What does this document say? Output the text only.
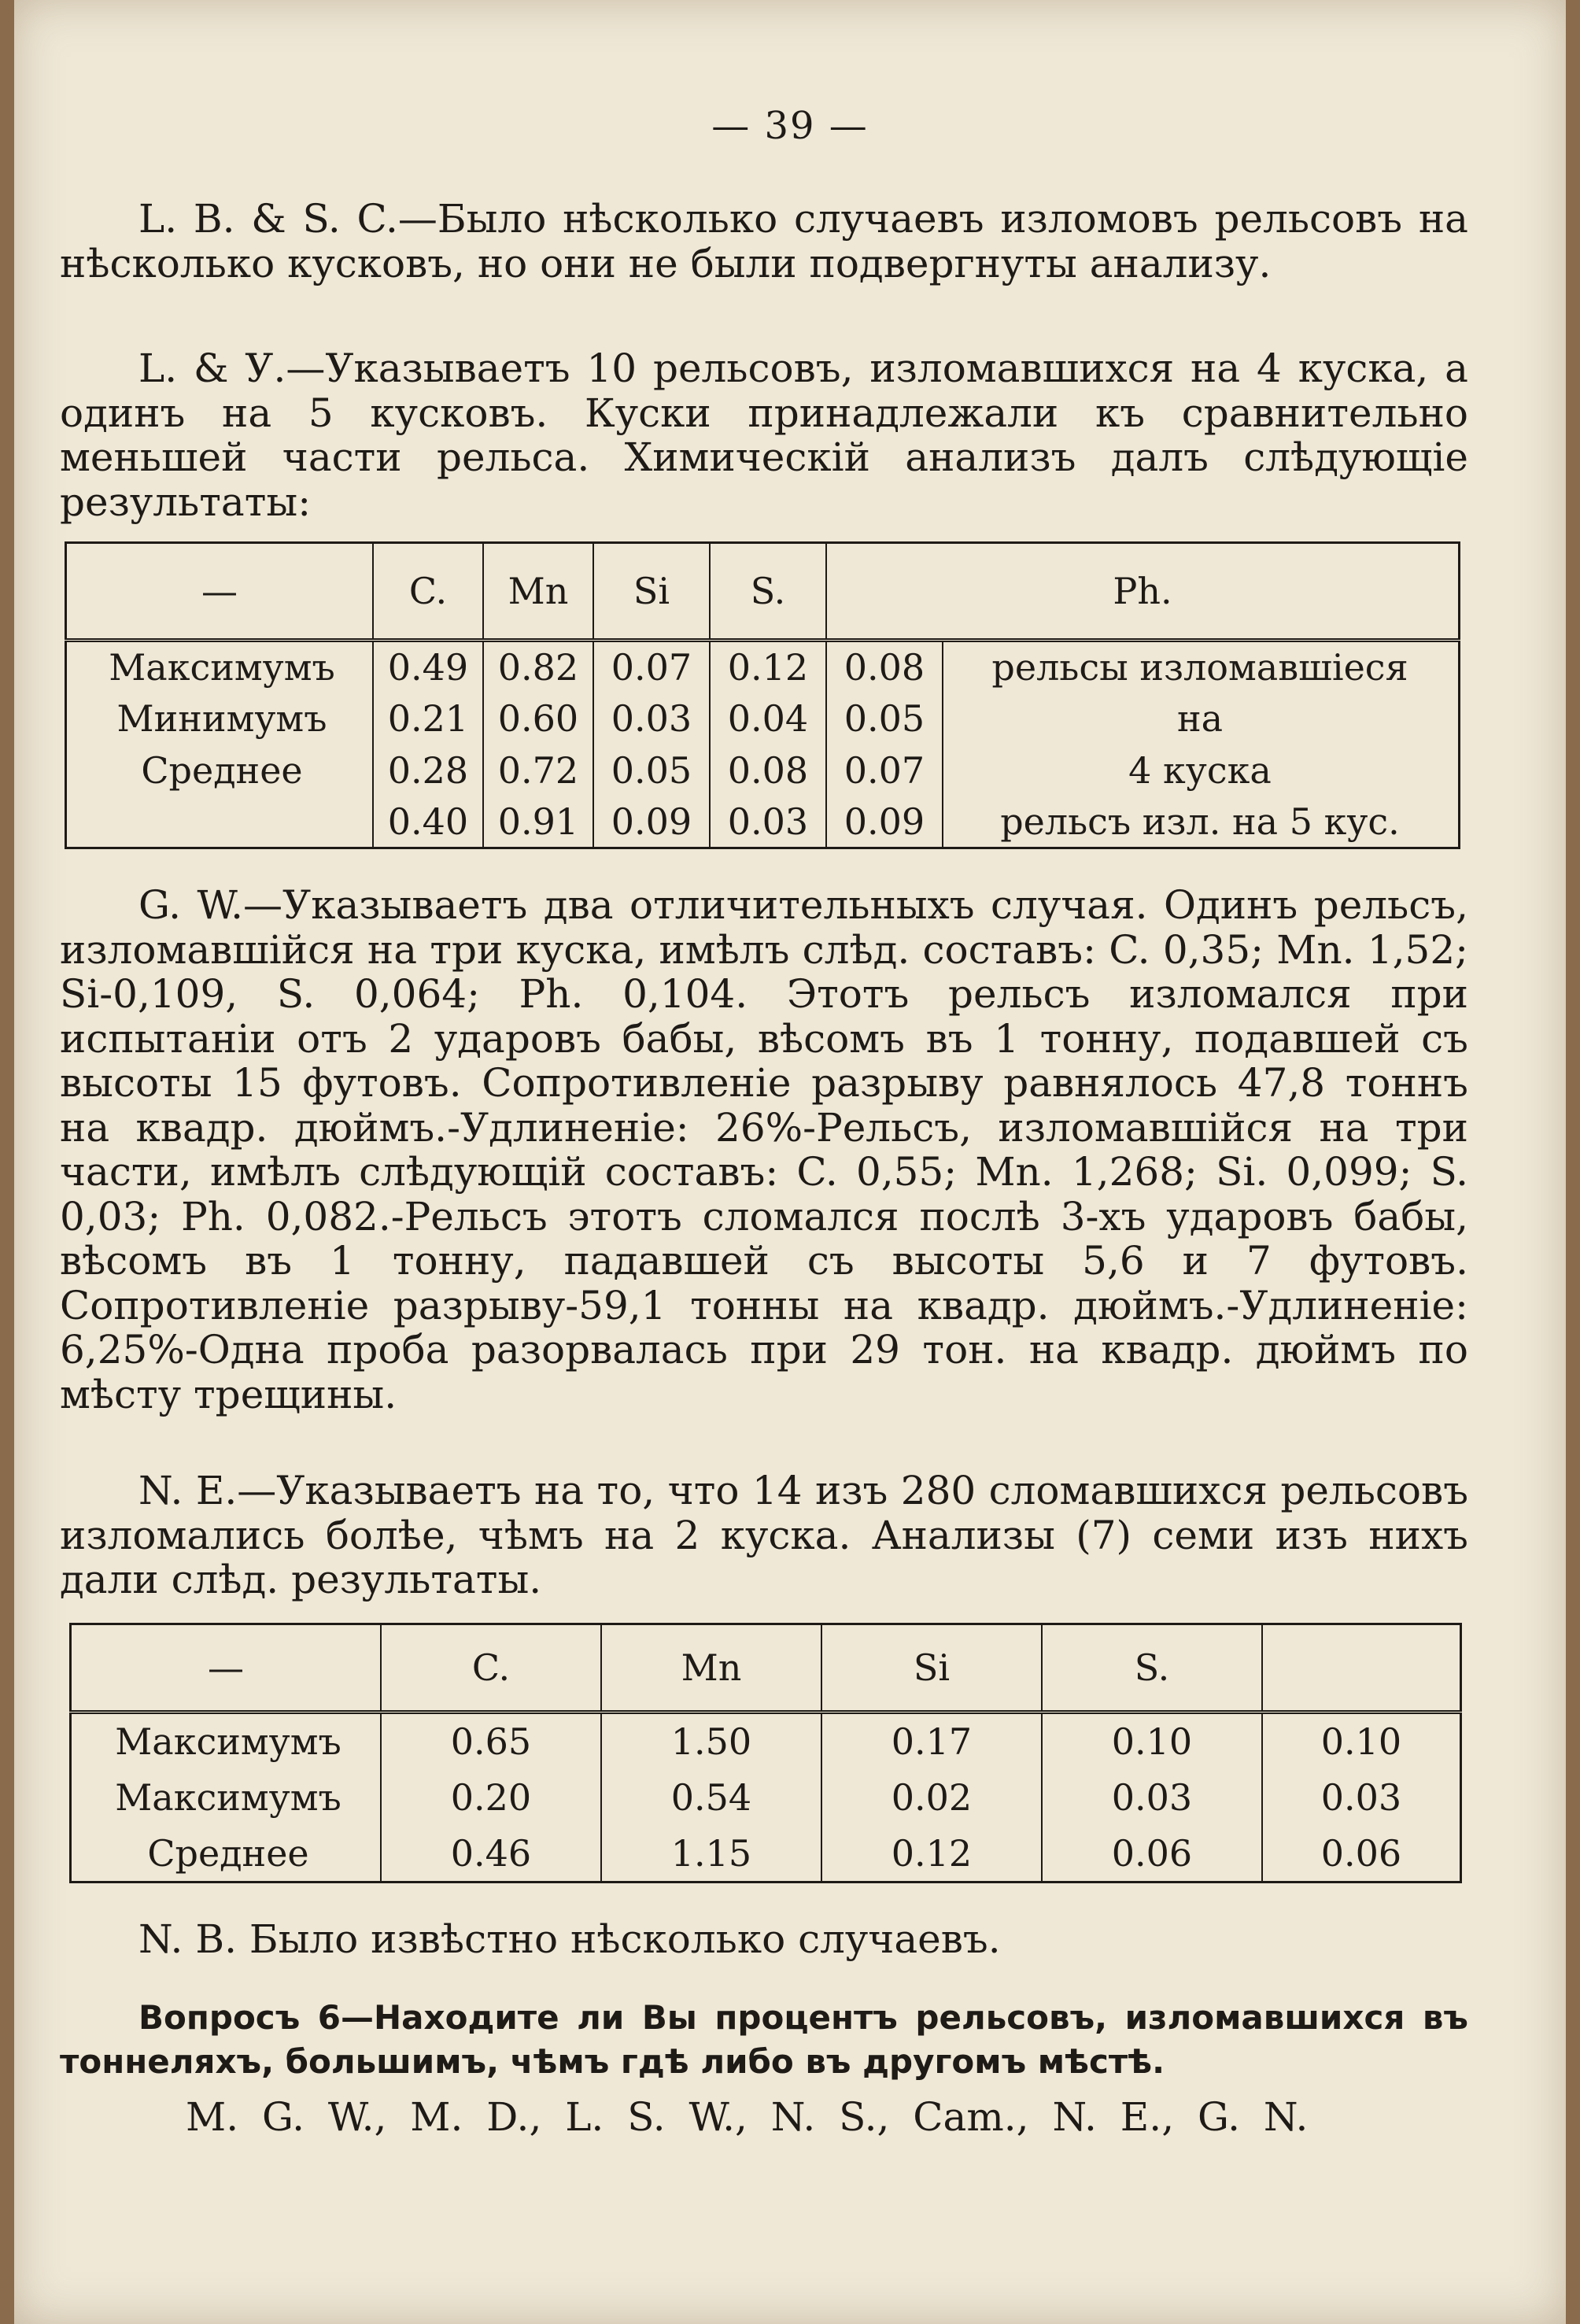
— 39 —

L. B. & S. C.—Было нѣсколько случаевъ изломовъ рельсовъ на нѣсколько кусковъ, но они не были подвергнуты анализу.

L. & У.—Указываетъ 10 рельсовъ, изломавшихся на 4 куска, а одинъ на 5 кусковъ. Куски принадлежали къ сравнительно меньшей части рельса. Химическій анализъ далъ слѣдующіе результаты:

—	C.	Mn	Si	S.	Ph.	
Максимумъ	0.49	0.82	0.07	0.12	0.08	рельсы изломавшіеся
Минимумъ	0.21	0.60	0.03	0.04	0.05	на
Среднее	0.28	0.72	0.05	0.08	0.07	4 куска
	0.40	0.91	0.09	0.03	0.09	рельсъ изл. на 5 кус.

G. W.—Указываетъ два отличительныхъ случая. Одинъ рельсъ, изломавшійся на три куска, имѣлъ слѣд. составъ: C. 0,35; Mn. 1,52; Si-0,109, S. 0,064; Ph. 0,104. Этотъ рельсъ изломался при испытаніи отъ 2 ударовъ бабы, вѣсомъ въ 1 тонну, подавшей съ высоты 15 футовъ. Сопротивленіе разрыву равнялось 47,8 тоннъ на квадр. дюймъ.-Удлиненіе: 26%-Рельсъ, изломавшійся на три части, имѣлъ слѣдующій составъ: C. 0,55; Mn. 1,268; Si. 0,099; S. 0,03; Ph. 0,082.-Рельсъ этотъ сломался послѣ 3-хъ ударовъ бабы, вѣсомъ въ 1 тонну, падавшей съ высоты 5,6 и 7 футовъ. Сопротивленіе разрыву-59,1 тонны на квадр. дюймъ.-Удлиненіе: 6,25%-Одна проба разорвалась при 29 тон. на квадр. дюймъ по мѣсту трещины.

N. E.—Указываетъ на то, что 14 изъ 280 сломавшихся рельсовъ изломались болѣе, чѣмъ на 2 куска. Анализы (7) семи изъ нихъ дали слѣд. результаты.

—	C.	Mn	Si	S.	
Максимумъ	0.65	1.50	0.17	0.10	0.10
Максимумъ	0.20	0.54	0.02	0.03	0.03
Среднее	0.46	1.15	0.12	0.06	0.06

N. B. Было извѣстно нѣсколько случаевъ.

Вопросъ 6—Находите ли Вы процентъ рельсовъ, изломавшихся въ тоннеляхъ, большимъ, чѣмъ гдѣ либо въ другомъ мѣстѣ.

M. G. W., M. D., L. S. W., N. S., Cam., N. E., G. N.
